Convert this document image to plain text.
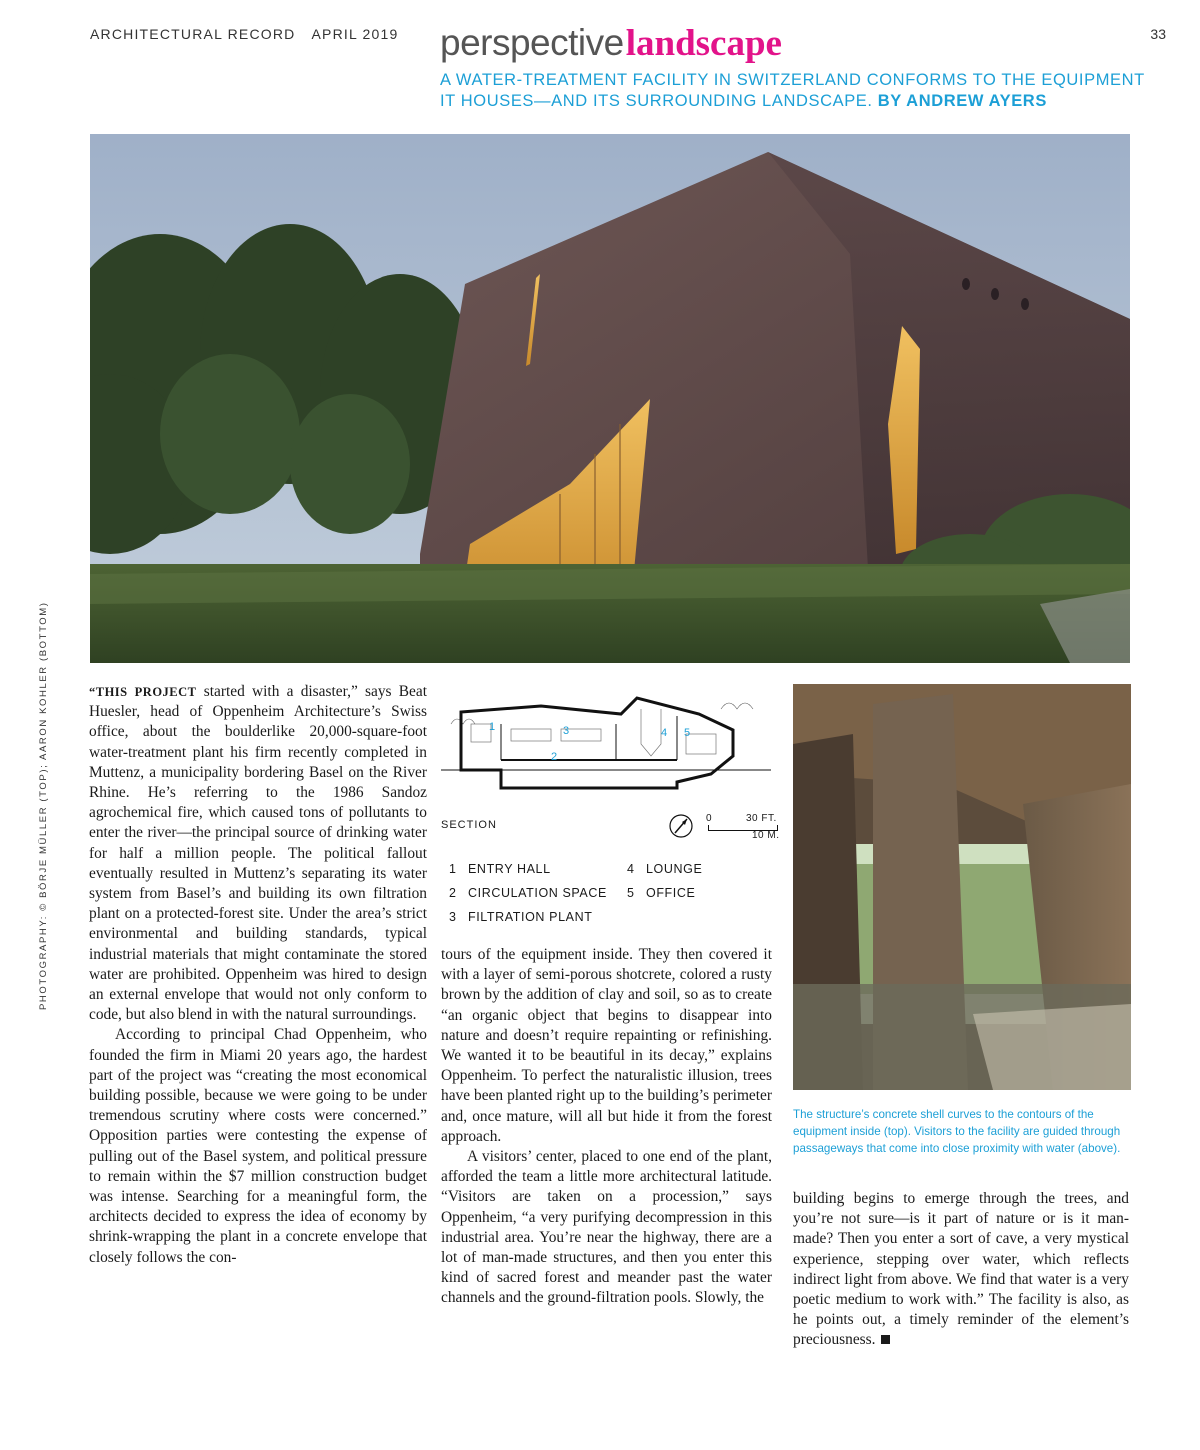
ARCHITECTURAL RECORD APRIL 2019	33
perspectivelandscape
A WATER-TREATMENT FACILITY IN SWITZERLAND CONFORMS TO THE EQUIPMENT IT HOUSES—AND ITS SURROUNDING LANDSCAPE. BY ANDREW AYERS
The structure’s concrete shell curves to the contours of the equipment inside (top). Visitors to the facility are guided through passageways that come into close proximity with water (above).
1
2
3	4 5
SECTION
0	30 FT.
10 M.
1 ENTRY HALL
2 CIRCULATION SPACE
3 FILTRATION PLANT
4 LOUNGE
5 OFFICE
PHOTOGRAPHY: © BÖRJE MÜLLER (TOP); AARON KOHLER (BOTTOM)	“THIS PROJECT started with a disaster,” says Beat Huesler, head of Oppenheim Architecture’s Swiss office, about the boulderlike 20,000-square-foot water-treatment plant his firm recently completed in Muttenz, a municipality bordering Basel on the River Rhine. He’s referring to the 1986 Sandoz agrochemical fire, which caused tons of pollutants to enter the river—the principal source of drinking water for half a million people. The political fallout eventually resulted in Muttenz’s separating its water system from Basel’s and building its own filtration plant on a protected-forest site. Under the area’s strict environmental and building standards, typical industrial materials that might contaminate the stored water are prohibited. Oppenheim was hired to design an external envelope that would not only conform to code, but also blend in with the natural surroundings.

According to principal Chad Oppenheim, who founded the firm in Miami 20 years ago, the hardest part of the project was “creating the most economical building possible, because we were going to be under tremendous scrutiny where costs were concerned.” Opposition parties were contesting the expense of pulling out of the Basel system, and political pressure to remain within the $7 million construction budget was intense. Searching for a meaningful form, the architects decided to express the idea of economy by shrink-wrapping the plant in a concrete envelope that closely follows the con-

tours of the equipment inside. They then covered it with a layer of semi-porous shotcrete, colored a rusty brown by the addition of clay and soil, so as to create “an organic object that begins to disappear into nature and doesn’t require repainting or refinishing. We wanted it to be beautiful in its decay,” explains Oppenheim. To perfect the naturalistic illusion, trees have been planted right up to the building’s perimeter and, once mature, will all but hide it from the forest approach.

A visitors’ center, placed to one end of the plant, afforded the team a little more architectural latitude. “Visitors are taken on a procession,” says Oppenheim, “a very purifying decompression in this industrial area. You’re near the highway, there are a lot of man-made structures, and then you enter this kind of sacred forest and meander past the water channels and the ground-filtration pools. Slowly, the

building begins to emerge through the trees, and you’re not sure—is it part of nature or is it man-made? Then you enter a sort of cave, a very mystical experience, stepping over water, which reflects indirect light from above. We find that water is a very poetic medium to work with.” The facility is also, as he points out, a timely reminder of the element’s preciousness.
